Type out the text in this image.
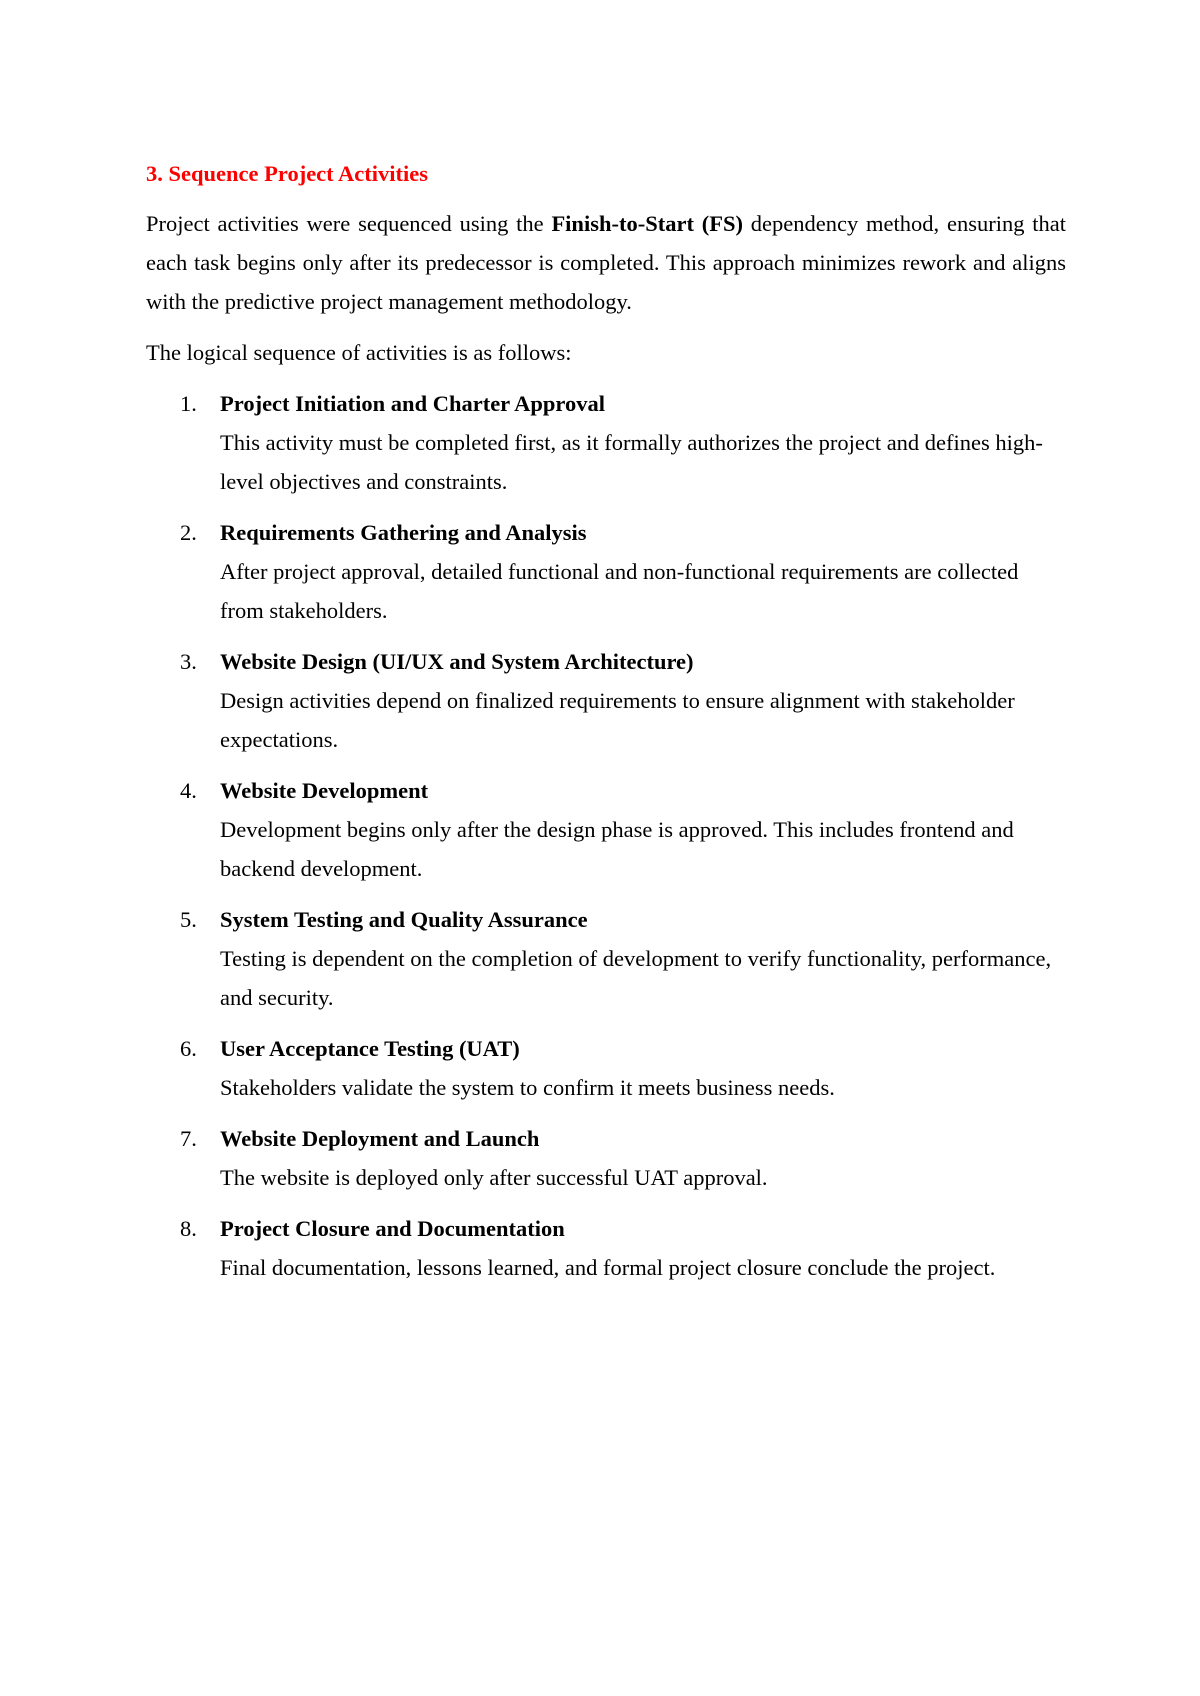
3. Sequence Project Activities

Project activities were sequenced using the Finish-to-Start (FS) dependency method, ensuring that each task begins only after its predecessor is completed. This approach minimizes rework and aligns with the predictive project management methodology.

The logical sequence of activities is as follows:

1.	Project Initiation and Charter Approval
This activity must be completed first, as it formally authorizes the project and defines high-level objectives and constraints.
2.	Requirements Gathering and Analysis
After project approval, detailed functional and non-functional requirements are collected from stakeholders.
3.	Website Design (UI/UX and System Architecture)
Design activities depend on finalized requirements to ensure alignment with stakeholder expectations.
4.	Website Development
Development begins only after the design phase is approved. This includes frontend and backend development.
5.	System Testing and Quality Assurance
Testing is dependent on the completion of development to verify functionality, performance, and security.
6.	User Acceptance Testing (UAT)
Stakeholders validate the system to confirm it meets business needs.
7.	Website Deployment and Launch
The website is deployed only after successful UAT approval.
8.	Project Closure and Documentation
Final documentation, lessons learned, and formal project closure conclude the project.
